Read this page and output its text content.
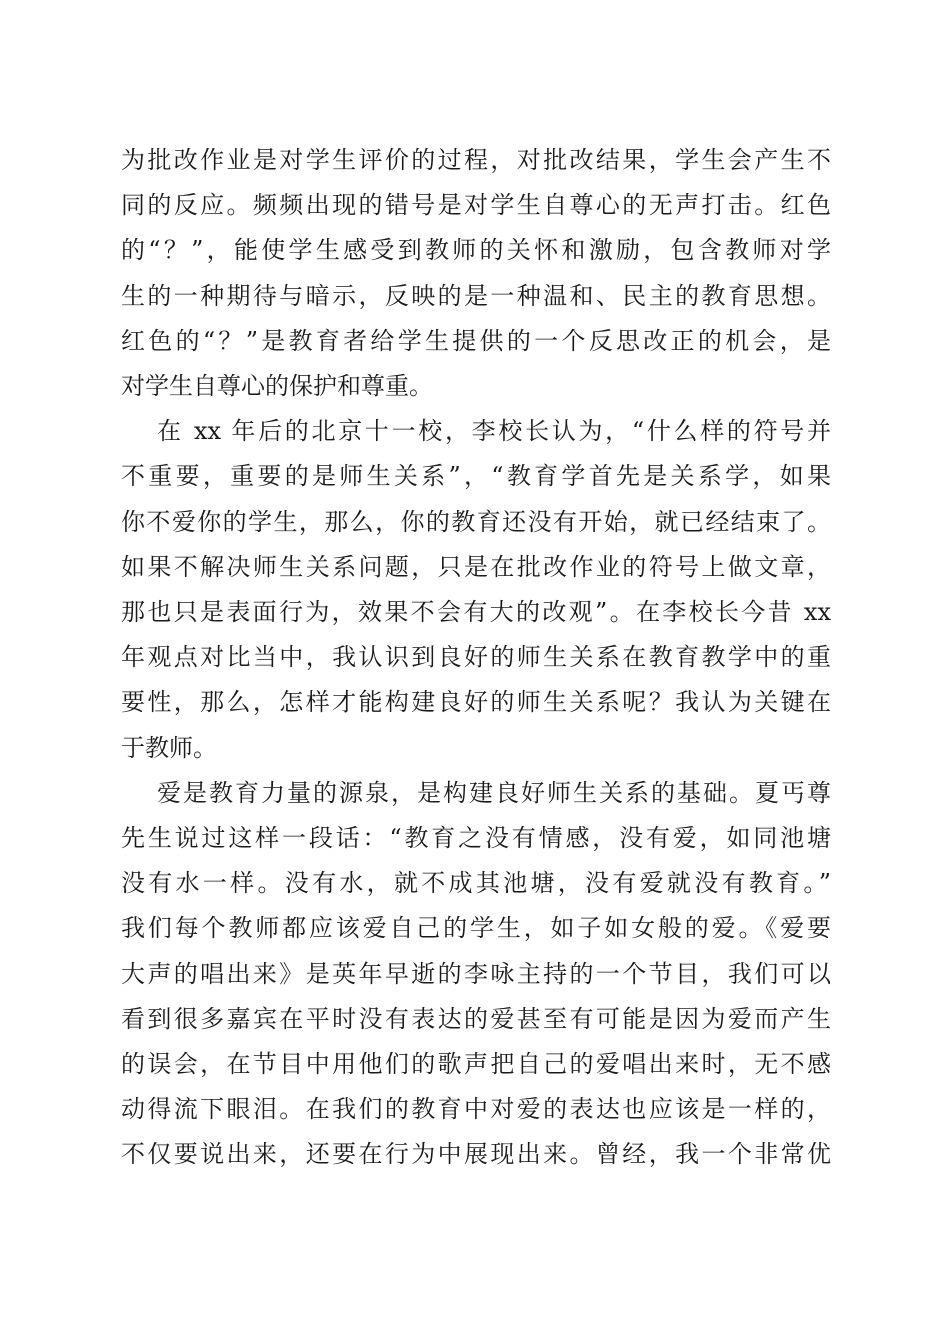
为批改作业是对学生评价的过程，对批改结果，学生会产生不
同的反应。频频出现的错号是对学生自尊心的无声打击。红色
的“？”，能使学生感受到教师的关怀和激励，包含教师对学
生的一种期待与暗示，反映的是一种温和、民主的教育思想。
红色的“？”是教育者给学生提供的一个反思改正的机会，是
对学生自尊心的保护和尊重。
在 xx 年后的北京十一校，李校长认为，“什么样的符号并
不重要，重要的是师生关系”，“教育学首先是关系学，如果
你不爱你的学生，那么，你的教育还没有开始，就已经结束了。
如果不解决师生关系问题，只是在批改作业的符号上做文章，
那也只是表面行为，效果不会有大的改观”。在李校长今昔 xx
年观点对比当中，我认识到良好的师生关系在教育教学中的重
要性，那么，怎样才能构建良好的师生关系呢？我认为关键在
于教师。
爱是教育力量的源泉，是构建良好师生关系的基础。夏丐尊
先生说过这样一段话：“教育之没有情感，没有爱，如同池塘
没有水一样。没有水，就不成其池塘，没有爱就没有教育。”
我们每个教师都应该爱自己的学生，如子如女般的爱。《爱要
大声的唱出来》是英年早逝的李咏主持的一个节目，我们可以
看到很多嘉宾在平时没有表达的爱甚至有可能是因为爱而产生
的误会，在节目中用他们的歌声把自己的爱唱出来时，无不感
动得流下眼泪。在我们的教育中对爱的表达也应该是一样的，
不仅要说出来，还要在行为中展现出来。曾经，我一个非常优
